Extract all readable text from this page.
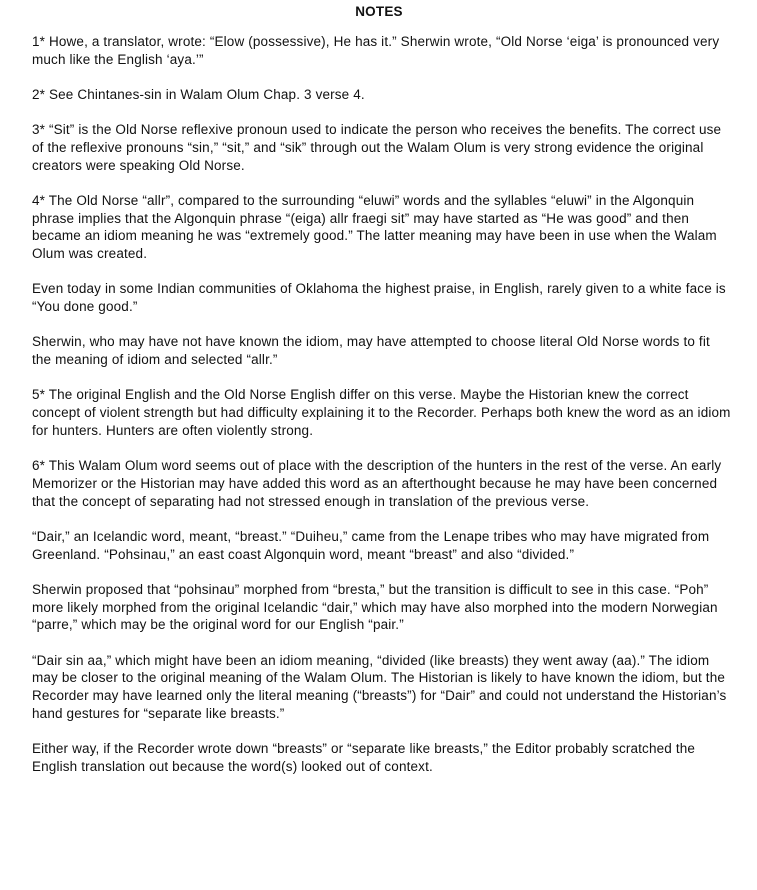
NOTES

1* Howe, a translator, wrote: “Elow (possessive), He has it.” Sherwin wrote, “Old Norse ‘eiga’ is pronounced very much like the English ‘aya.’”

2* See Chintanes-sin in Walam Olum Chap. 3 verse 4.

3* “Sit” is the Old Norse reflexive pronoun used to indicate the person who receives the benefits. The correct use of the reflexive pronouns “sin,” “sit,” and “sik” through out the Walam Olum is very strong evidence the original creators were speaking Old Norse.

4* The Old Norse “allr”, compared to the surrounding “eluwi” words and the syllables “eluwi” in the Algonquin phrase implies that the Algonquin phrase “(eiga) allr fraegi sit” may have started as “He was good” and then became an idiom meaning he was “extremely good.” The latter meaning may have been in use when the Walam Olum was created.

Even today in some Indian communities of Oklahoma the highest praise, in English, rarely given to a white face is “You done good.”

Sherwin, who may have not have known the idiom, may have attempted to choose literal Old Norse words to fit the meaning of idiom and selected “allr.”

5* The original English and the Old Norse English differ on this verse. Maybe the Historian knew the correct concept of violent strength but had difficulty explaining it to the Recorder. Perhaps both knew the word as an idiom for hunters. Hunters are often violently strong.

6* This Walam Olum word seems out of place with the description of the hunters in the rest of the verse. An early Memorizer or the Historian may have added this word as an afterthought because he may have been concerned that the concept of separating had not stressed enough in translation of the previous verse.

“Dair,” an Icelandic word, meant, “breast.” “Duiheu,” came from the Lenape tribes who may have migrated from Greenland. “Pohsinau,” an east coast Algonquin word, meant “breast” and also “divided.”

Sherwin proposed that “pohsinau” morphed from “bresta,” but the transition is difficult to see in this case. “Poh” more likely morphed from the original Icelandic “dair,” which may have also morphed into the modern Norwegian “parre,” which may be the original word for our English “pair.”

“Dair sin aa,” which might have been an idiom meaning, “divided (like breasts) they went away (aa).” The idiom may be closer to the original meaning of the Walam Olum. The Historian is likely to have known the idiom, but the Recorder may have learned only the literal meaning (“breasts”) for “Dair” and could not understand the Historian’s hand gestures for “separate like breasts.”

Either way, if the Recorder wrote down “breasts” or “separate like breasts,” the Editor probably scratched the English translation out because the word(s) looked out of context.
